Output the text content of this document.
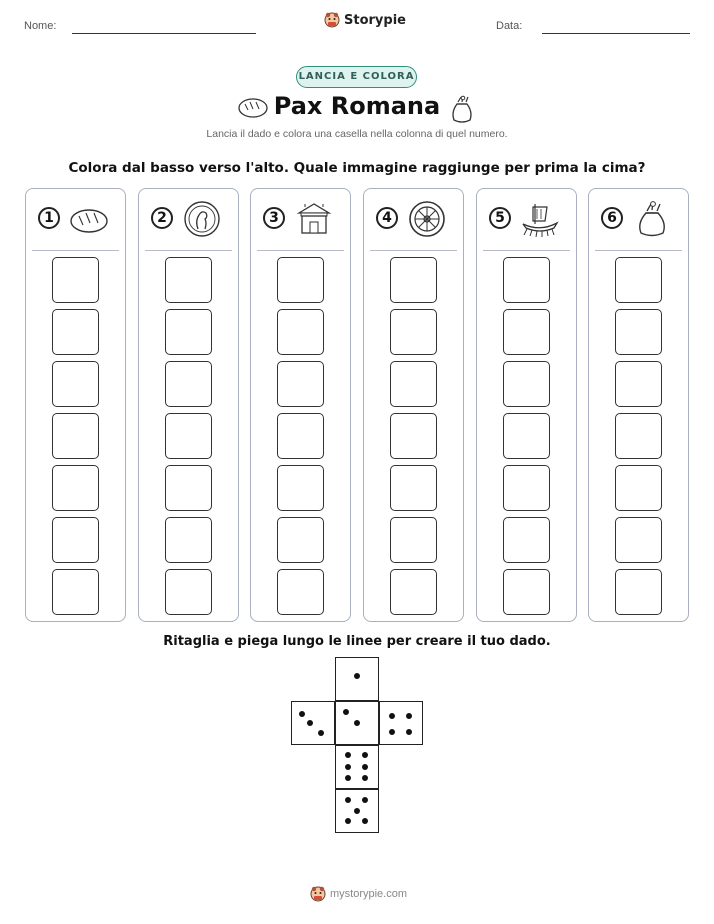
Nome:	Storypie	Data:
LANCIA E COLORA
Pax Romana
Lancia il dado e colora una casella nella colonna di quel numero.
Colora dal basso verso l'alto. Quale immagine raggiunge per prima la cima?
1	2	3	4	5	6
Ritaglia e piega lungo le linee per creare il tuo dado.
mystorypie.com
